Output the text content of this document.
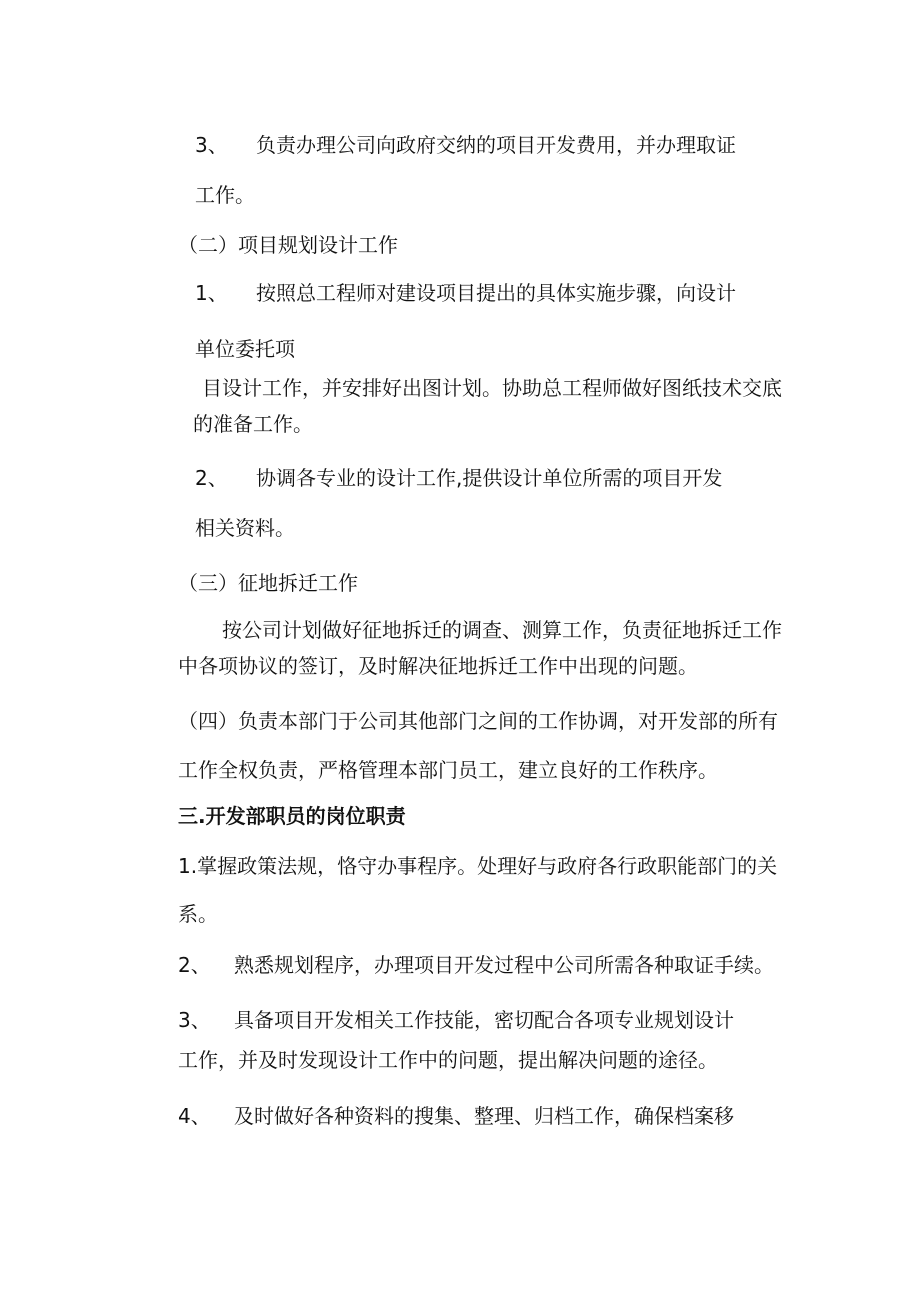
3、 负责办理公司向政府交纳的项目开发费用，并办理取证
工作。
（二）项目规划设计工作
1、 按照总工程师对建设项目提出的具体实施步骤，向设计
单位委托项
目设计工作，并安排好出图计划。协助总工程师做好图纸技术交底
的准备工作。
2、 协调各专业的设计工作,提供设计单位所需的项目开发
相关资料。
（三）征地拆迁工作
按公司计划做好征地拆迁的调查、测算工作，负责征地拆迁工作
中各项协议的签订，及时解决征地拆迁工作中出现的问题。
（四）负责本部门于公司其他部门之间的工作协调，对开发部的所有
工作全权负责，严格管理本部门员工，建立良好的工作秩序。
三.开发部职员的岗位职责
1.掌握政策法规，恪守办事程序。处理好与政府各行政职能部门的关
系。
2、 熟悉规划程序，办理项目开发过程中公司所需各种取证手续。
3、 具备项目开发相关工作技能，密切配合各项专业规划设计
工作，并及时发现设计工作中的问题，提出解决问题的途径。
4、 及时做好各种资料的搜集、整理、归档工作，确保档案移
